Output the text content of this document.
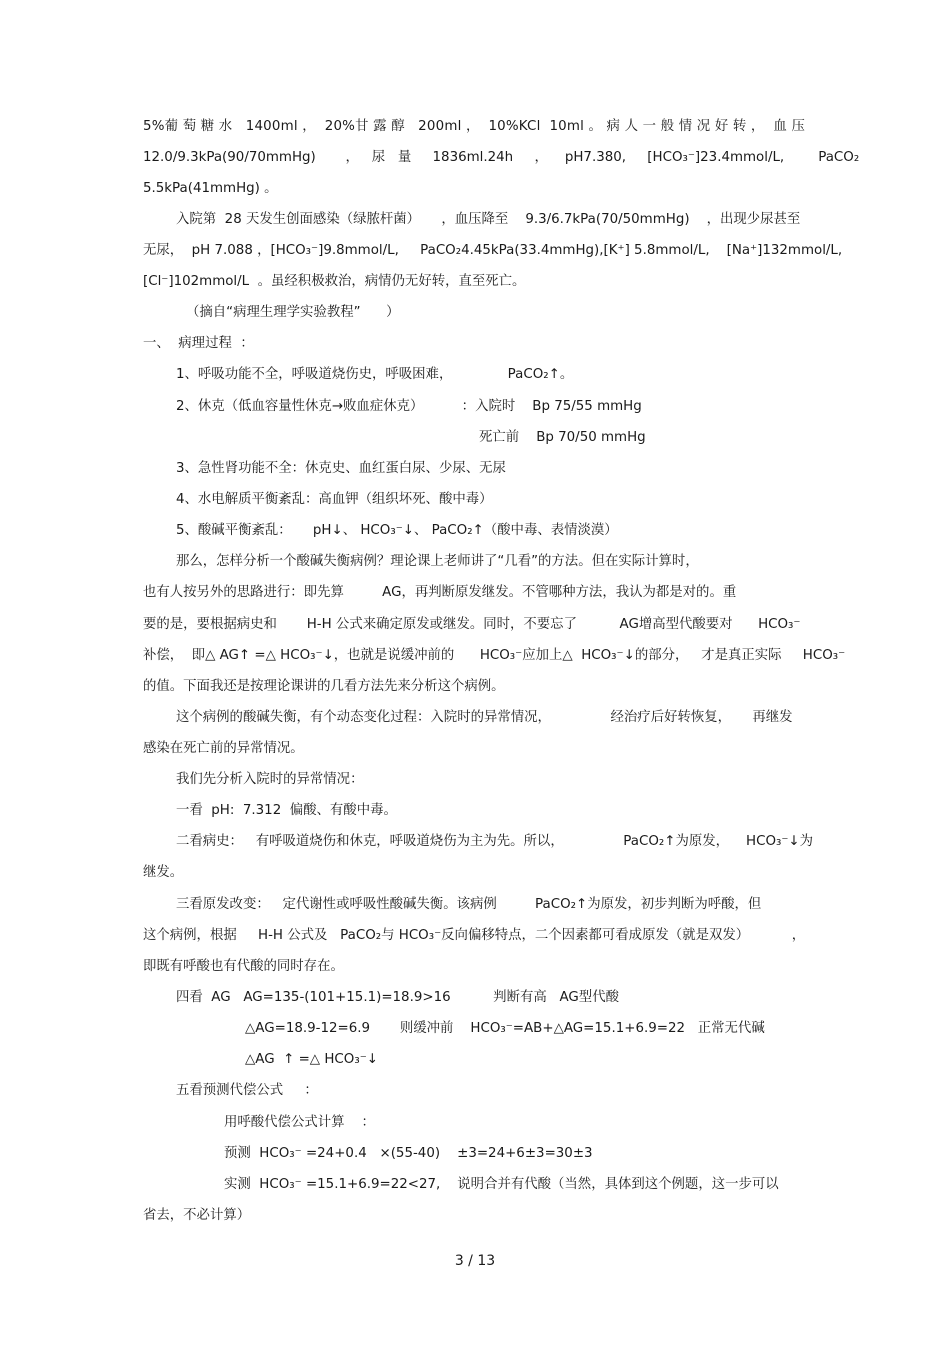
5%葡 萄 糖 水   1400ml ，  20%甘 露 醇   200ml ，  10%KCl  10ml 。 病 人 一 般 情 况 好 转 ，  血 压
12.0/9.3kPa(90/70mmHg)       ，   尿   量     1836ml.24h     ，    pH7.380,     [HCO₃⁻]23.4mmol/L,        PaCO₂
5.5kPa(41mmHg) 。
入院第  28 天发生创面感染（绿脓杆菌）     ，血压降至    9.3/6.7kPa(70/50mmHg)    ，出现少尿甚至
无尿，  pH 7.088 ，[HCO₃⁻]9.8mmol/L,     PaCO₂4.45kPa(33.4mmHg),[K⁺] 5.8mmol/L,    [Na⁺]132mmol/L,
[Cl⁻]102mmol/L  。虽经积极救治，病情仍无好转，直至死亡。
（摘自“病理生理学实验教程”      ）
一、  病理过程  ：
1、呼吸功能不全，呼吸道烧伤史，呼吸困难，             PaCO₂↑。
2、休克（低血容量性休克→败血症休克）         ：入院时    Bp 75/55 mmHg
死亡前    Bp 70/50 mmHg
3、急性肾功能不全：休克史、血红蛋白尿、少尿、无尿
4、水电解质平衡紊乱：高血钾（组织坏死、酸中毒）
5、酸碱平衡紊乱：     pH↓、 HCO₃⁻↓、 PaCO₂↑（酸中毒、表情淡漠）
那么，怎样分析一个酸碱失衡病例？理论课上老师讲了“几看”的方法。但在实际计算时，
也有人按另外的思路进行：即先算         AG，再判断原发继发。不管哪种方法，我认为都是对的。重
要的是，要根据病史和       H-H 公式来确定原发或继发。同时，不要忘了          AG增高型代酸要对      HCO₃⁻
补偿，  即△ AG↑ =△ HCO₃⁻↓，也就是说缓冲前的      HCO₃⁻应加上△  HCO₃⁻↓的部分，   才是真正实际     HCO₃⁻
的值。下面我还是按理论课讲的几看方法先来分析这个病例。
这个病例的酸碱失衡，有个动态变化过程：入院时的异常情况，              经治疗后好转恢复，     再继发
感染在死亡前的异常情况。
我们先分析入院时的异常情况：
一看  pH:  7.312  偏酸、有酸中毒。
二看病史：   有呼吸道烧伤和休克，呼吸道烧伤为主为先。所以，              PaCO₂↑为原发，    HCO₃⁻↓为
继发。
三看原发改变：   定代谢性或呼吸性酸碱失衡。该病例         PaCO₂↑为原发，初步判断为呼酸，但
这个病例，根据     H-H 公式及   PaCO₂与 HCO₃⁻反向偏移特点，二个因素都可看成原发（就是双发）          ，
即既有呼酸也有代酸的同时存在。
四看  AG   AG=135-(101+15.1)=18.9>16          判断有高   AG型代酸
△AG=18.9-12=6.9       则缓冲前    HCO₃⁻=AB+△AG=15.1+6.9=22   正常无代碱
△AG  ↑ =△ HCO₃⁻↓
五看预测代偿公式     ：
用呼酸代偿公式计算    ：
预测  HCO₃⁻ =24+0.4   ×(55-40)    ±3=24+6±3=30±3
实测  HCO₃⁻ =15.1+6.9=22<27,    说明合并有代酸（当然，具体到这个例题，这一步可以
省去，不必计算）
3 / 13
